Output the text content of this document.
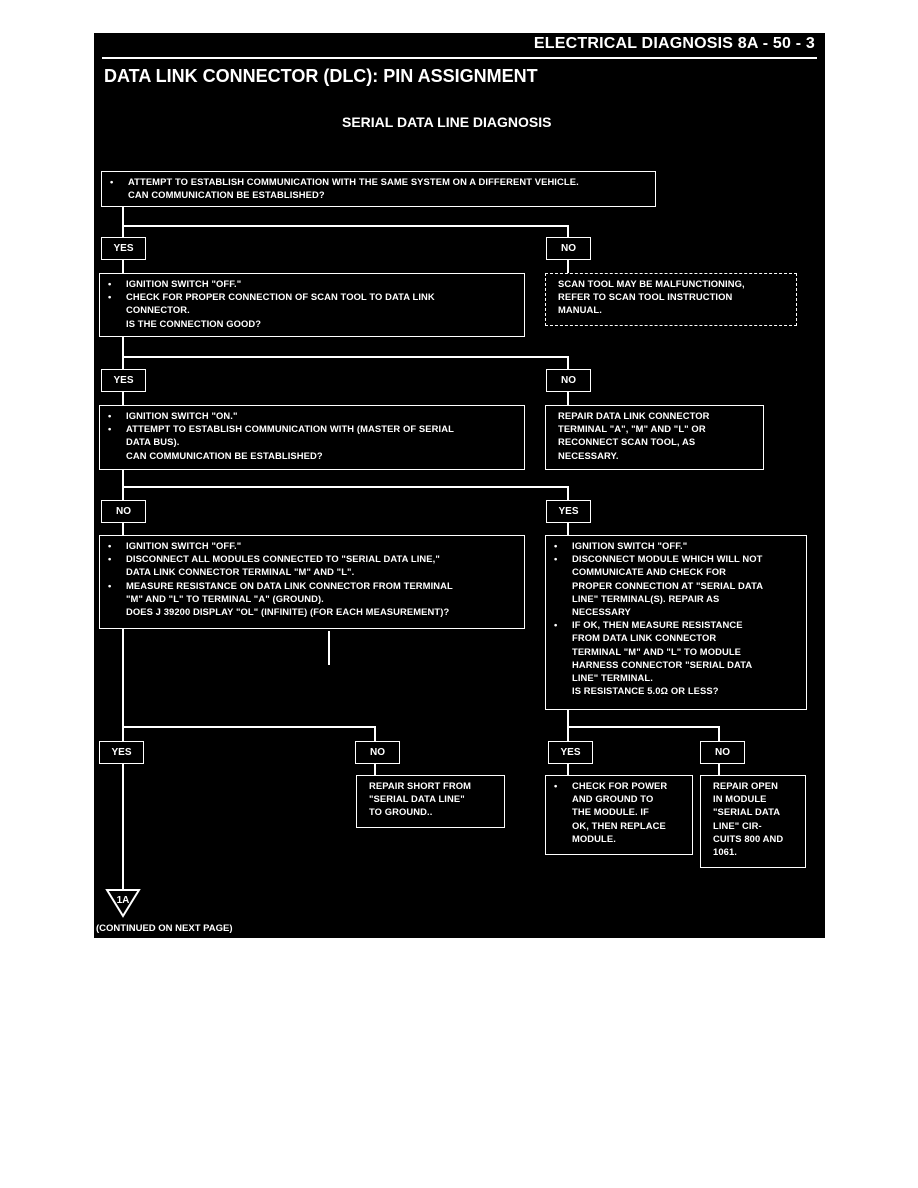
ELECTRICAL DIAGNOSIS 8A - 50 - 3
DATA LINK CONNECTOR (DLC): PIN ASSIGNMENT
SERIAL DATA LINE DIAGNOSIS
• ATTEMPT TO ESTABLISH COMMUNICATION WITH THE SAME SYSTEM ON A DIFFERENT VEHICLE.
CAN COMMUNICATION BE ESTABLISHED?
YES	NO
• IGNITION SWITCH "OFF."
• CHECK FOR PROPER CONNECTION OF SCAN TOOL TO DATA LINK
CONNECTOR.
IS THE CONNECTION GOOD?
SCAN TOOL MAY BE MALFUNCTIONING,
REFER TO SCAN TOOL INSTRUCTION
MANUAL.
YES	NO
• IGNITION SWITCH "ON."
• ATTEMPT TO ESTABLISH COMMUNICATION WITH (MASTER OF SERIAL
DATA BUS).
CAN COMMUNICATION BE ESTABLISHED?
REPAIR DATA LINK CONNECTOR
TERMINAL "A", "M" AND "L" OR
RECONNECT SCAN TOOL, AS
NECESSARY.
NO	YES
• IGNITION SWITCH "OFF."
• DISCONNECT ALL MODULES CONNECTED TO "SERIAL DATA LINE,"
DATA LINK CONNECTOR TERMINAL "M" AND "L".
• MEASURE RESISTANCE ON DATA LINK CONNECTOR FROM TERMINAL
"M" AND "L" TO TERMINAL "A" (GROUND).
DOES J 39200 DISPLAY "OL" (INFINITE) (FOR EACH MEASUREMENT)?
• IGNITION SWITCH "OFF."
• DISCONNECT MODULE WHICH WILL NOT
COMMUNICATE AND CHECK FOR
PROPER CONNECTION AT "SERIAL DATA
LINE" TERMINAL(S). REPAIR AS
NECESSARY
• IF OK, THEN MEASURE RESISTANCE
FROM DATA LINK CONNECTOR
TERMINAL "M" AND "L" TO MODULE
HARNESS CONNECTOR "SERIAL DATA
LINE" TERMINAL.
IS RESISTANCE 5.0Ω OR LESS?
YES	NO	YES	NO
REPAIR SHORT FROM
"SERIAL DATA LINE"
TO GROUND..
• CHECK FOR POWER
AND GROUND TO
THE MODULE. IF
OK, THEN REPLACE
MODULE.
REPAIR OPEN
IN MODULE
"SERIAL DATA
LINE" CIR-
CUITS 800 AND
1061.
1A
(CONTINUED ON NEXT PAGE)
